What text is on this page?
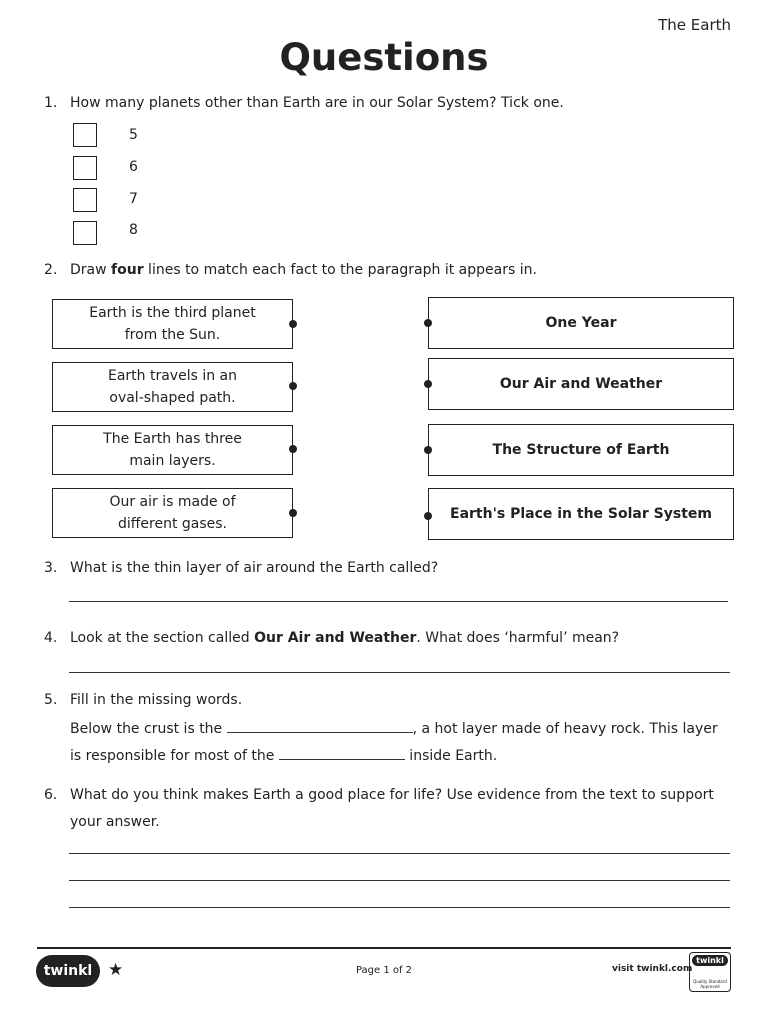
The Earth
Questions
1. How many planets other than Earth are in our Solar System? Tick one.
5
6
7
8
2. Draw four lines to match each fact to the paragraph it appears in.
Earth is the third planet
from the Sun.
Earth travels in an
oval-shaped path.
The Earth has three
main layers.
Our air is made of
different gases.
One Year
Our Air and Weather
The Structure of Earth
Earth's Place in the Solar System
3. What is the thin layer of air around the Earth called?
4. Look at the section called Our Air and Weather. What does ‘harmful’ mean?
5. Fill in the missing words.
Below the crust is the	, a hot layer made of heavy rock. This layer
is responsible for most of the	inside Earth.
6. What do you think makes Earth a good place for life? Use evidence from the text to support
your answer.
twinkl ★	Page 1 of 2	visit twinkl.com
twinkl
Quality Standard Approved
